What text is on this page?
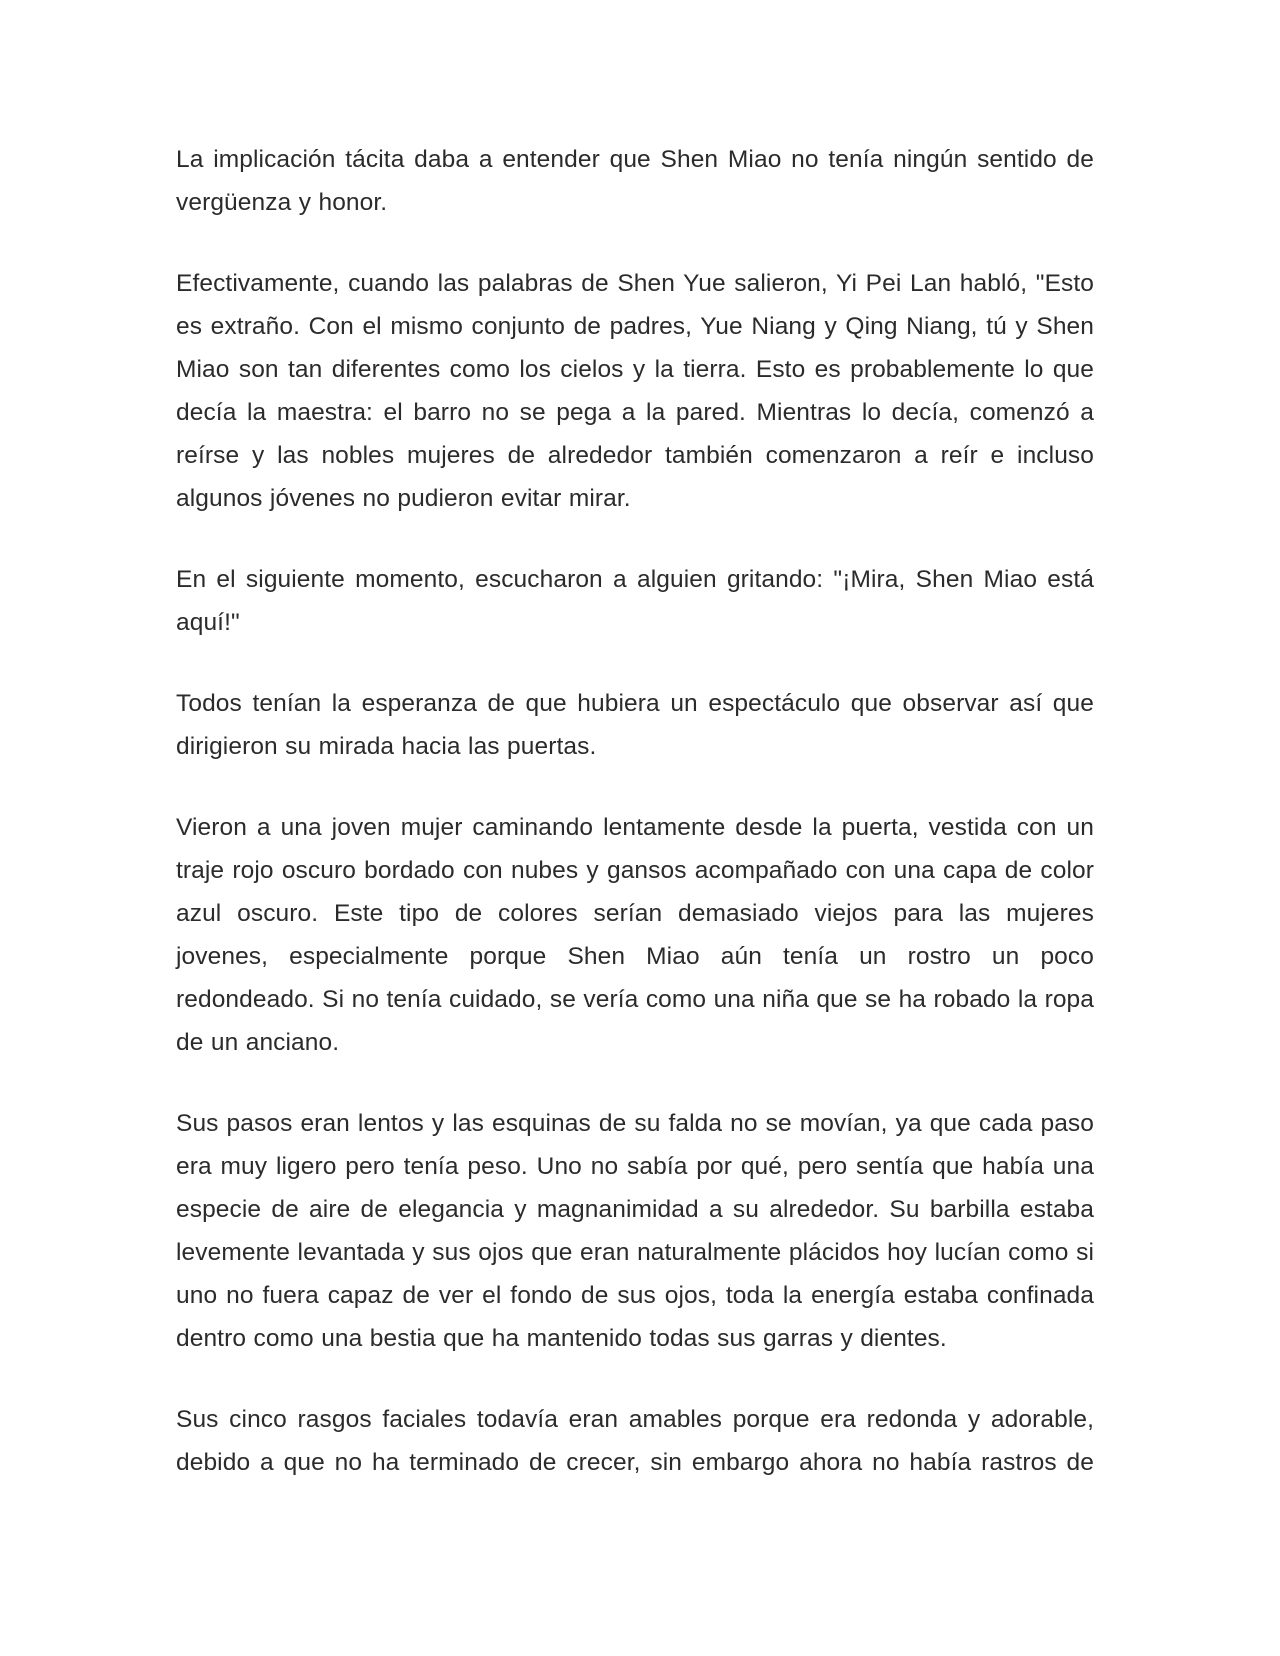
La implicación tácita daba a entender que Shen Miao no tenía ningún sentido de vergüenza y honor.

Efectivamente, cuando las palabras de Shen Yue salieron, Yi Pei Lan habló, "Esto es extraño. Con el mismo conjunto de padres, Yue Niang y Qing Niang, tú y Shen Miao son tan diferentes como los cielos y la tierra. Esto es probablemente lo que decía la maestra: el barro no se pega a la pared. Mientras lo decía, comenzó a reírse y las nobles mujeres de alrededor también comenzaron a reír e incluso algunos jóvenes no pudieron evitar mirar.

En el siguiente momento, escucharon a alguien gritando: "¡Mira, Shen Miao está aquí!"

Todos tenían la esperanza de que hubiera un espectáculo que observar así que dirigieron su mirada hacia las puertas.

Vieron a una joven mujer caminando lentamente desde la puerta, vestida con un traje rojo oscuro bordado con nubes y gansos acompañado con una capa de color azul oscuro. Este tipo de colores serían demasiado viejos para las mujeres jovenes, especialmente porque Shen Miao aún tenía un rostro un poco redondeado. Si no tenía cuidado, se vería como una niña que se ha robado la ropa de un anciano.

Sus pasos eran lentos y las esquinas de su falda no se movían, ya que cada paso era muy ligero pero tenía peso. Uno no sabía por qué, pero sentía que había una especie de aire de elegancia y magnanimidad a su alrededor. Su barbilla estaba levemente levantada y sus ojos que eran naturalmente plácidos hoy lucían como si uno no fuera capaz de ver el fondo de sus ojos, toda la energía estaba confinada dentro como una bestia que ha mantenido todas sus garras y dientes.

Sus cinco rasgos faciales todavía eran amables porque era redonda y adorable, debido a que no ha terminado de crecer, sin embargo ahora no había rastros de
